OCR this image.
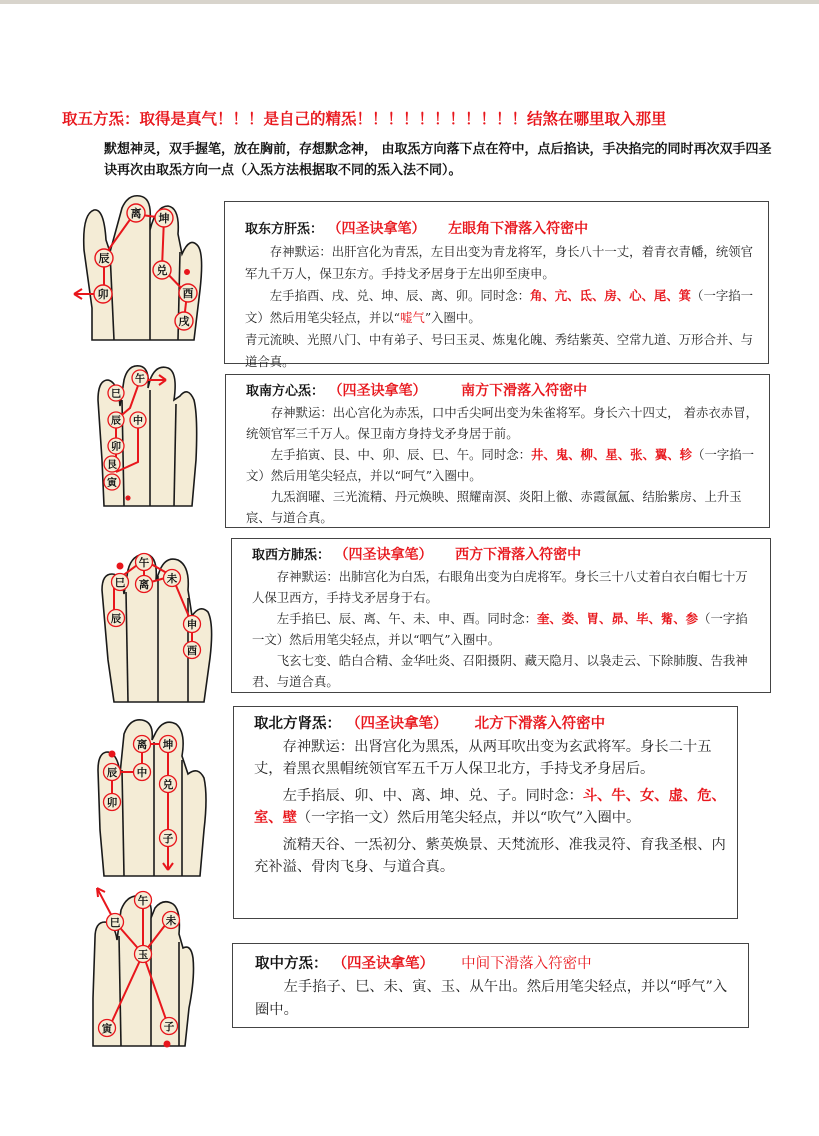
取五方炁：取得是真气！！！是自己的精炁！！！！！！！！！！！结煞在哪里取入那里
默想神灵，双手握笔，放在胸前，存想默念神， 由取炁方向落下点在符中，点后掐诀，手决掐完的同时再次双手四圣诀再次由取炁方向一点（入炁方法根据取不同的炁入法不同）。
离 坤
辰
兑
卯	酉
戌
午
巳
辰 中
卯
艮
寅
午
巳 离 未
辰	申
酉
离 坤
辰 中
兑
卯
子
午
巳	未
玉
寅	子

取东方肝炁： （四圣诀拿笔） 左眼角下滑落入符密中

存神默运：出肝宫化为青炁，左目出变为青龙将军，身长八十一丈，着青衣青幡，统领官军九千万人，保卫东方。手持戈矛居身于左出卯至庚申。

左手掐酉、戌、兑、坤、辰、离、卯。同时念：角、亢、氐、房、心、尾、箕（一字掐一文）然后用笔尖轻点，并以“嘘气”入圈中。

青元流映、光照八门、中有弟子、号曰玉灵、炼鬼化魄、秀结紫英、空常九道、万形合并、与道合真。

取南方心炁： （四圣诀拿笔） 南方下滑落入符密中

存神默运：出心宫化为赤炁，口中舌尖呵出变为朱雀将军。身长六十四丈， 着赤衣赤冒，统领官军三千万人。保卫南方身持戈矛身居于前。

左手掐寅、艮、中、卯、辰、巳、午。同时念：井、鬼、柳、星、张、翼、轸（一字掐一文）然后用笔尖轻点，并以“呵气”入圈中。

九炁润曜、三光流精、丹元焕映、照耀南溟、炎阳上徹、赤霞氤氲、结胎紫房、上升玉宸、与道合真。

取西方肺炁： （四圣诀拿笔） 西方下滑落入符密中

存神默运：出肺宫化为白炁，右眼角出变为白虎将军。身长三十八丈着白衣白帽七十万人保卫西方，手持戈矛居身于右。

左手掐巳、辰、离、午、未、申、酉。同时念：奎、娄、胃、昴、毕、觜、参（一字掐一文）然后用笔尖轻点，并以“呬气”入圈中。

飞玄七变、皓白合精、金华吐炎、召阳摄阴、藏天隐月、以袅走云、下除肺腹、告我神君、与道合真。

取北方肾炁： （四圣诀拿笔） 北方下滑落入符密中

存神默运：出肾宫化为黑炁，从两耳吹出变为玄武将军。身长二十五丈，着黑衣黑帽统领官军五千万人保卫北方，手持戈矛身居后。

左手掐辰、卯、中、离、坤、兑、子。同时念：斗、牛、女、虚、危、室、壁（一字掐一文）然后用笔尖轻点，并以“吹气”入圈中。

流精天谷、一炁初分、紫英焕景、天梵流形、准我灵符、育我圣根、内充补溢、骨肉飞身、与道合真。

取中方炁： （四圣诀拿笔） 中间下滑落入符密中

左手掐子、巳、未、寅、玉、从午出。然后用笔尖轻点，并以“呼气”入圈中。
